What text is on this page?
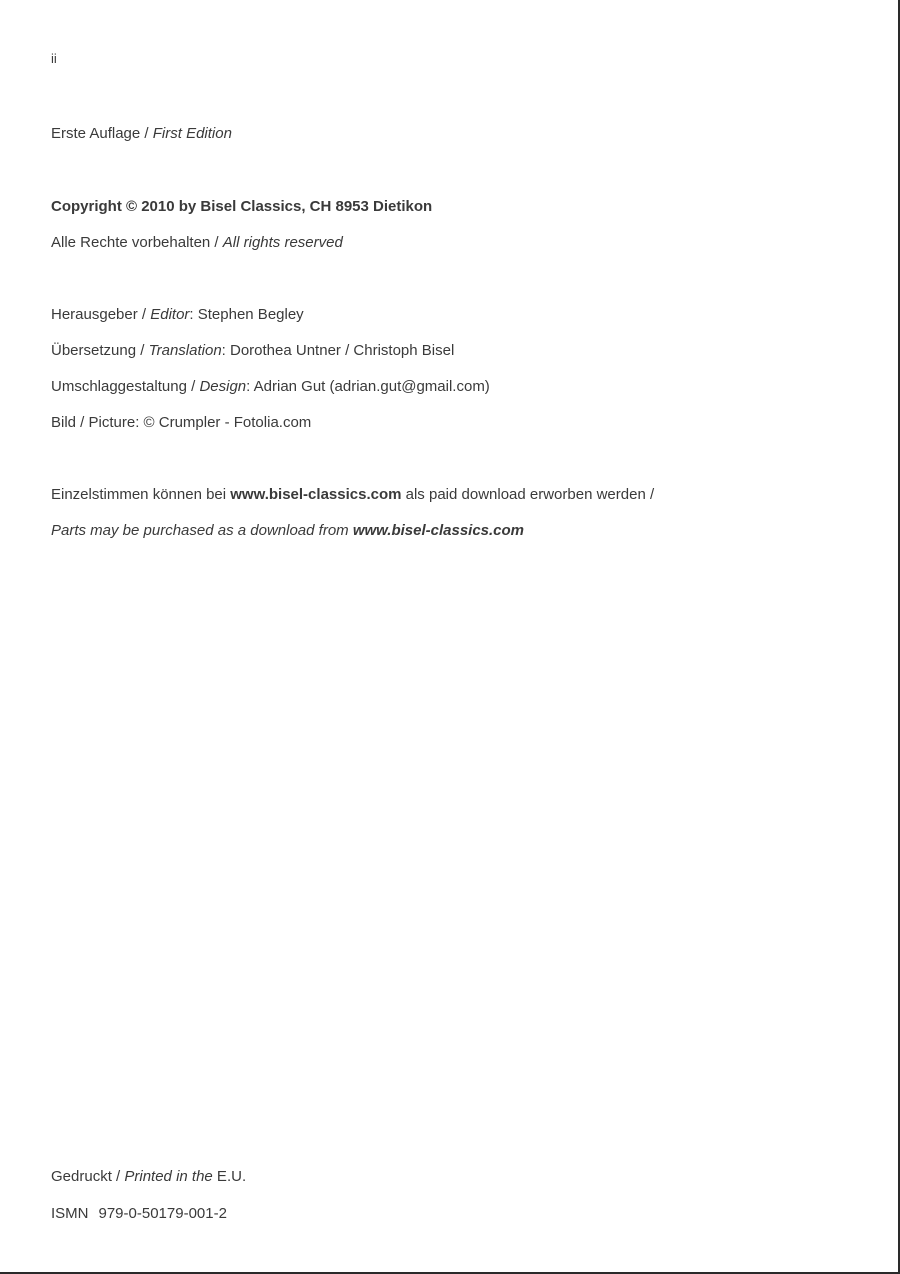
ii
Erste Auflage / First Edition
Copyright © 2010 by Bisel Classics, CH 8953 Dietikon
Alle Rechte vorbehalten / All rights reserved
Herausgeber / Editor: Stephen Begley
Übersetzung / Translation: Dorothea Untner / Christoph Bisel
Umschlaggestaltung / Design: Adrian Gut (adrian.gut@gmail.com)
Bild / Picture: © Crumpler - Fotolia.com
Einzelstimmen können bei www.bisel-classics.com als paid download erworben werden /
Parts may be purchased as a download from www.bisel-classics.com
Gedruckt / Printed in the E.U.
ISMN 979-0-50179-001-2
